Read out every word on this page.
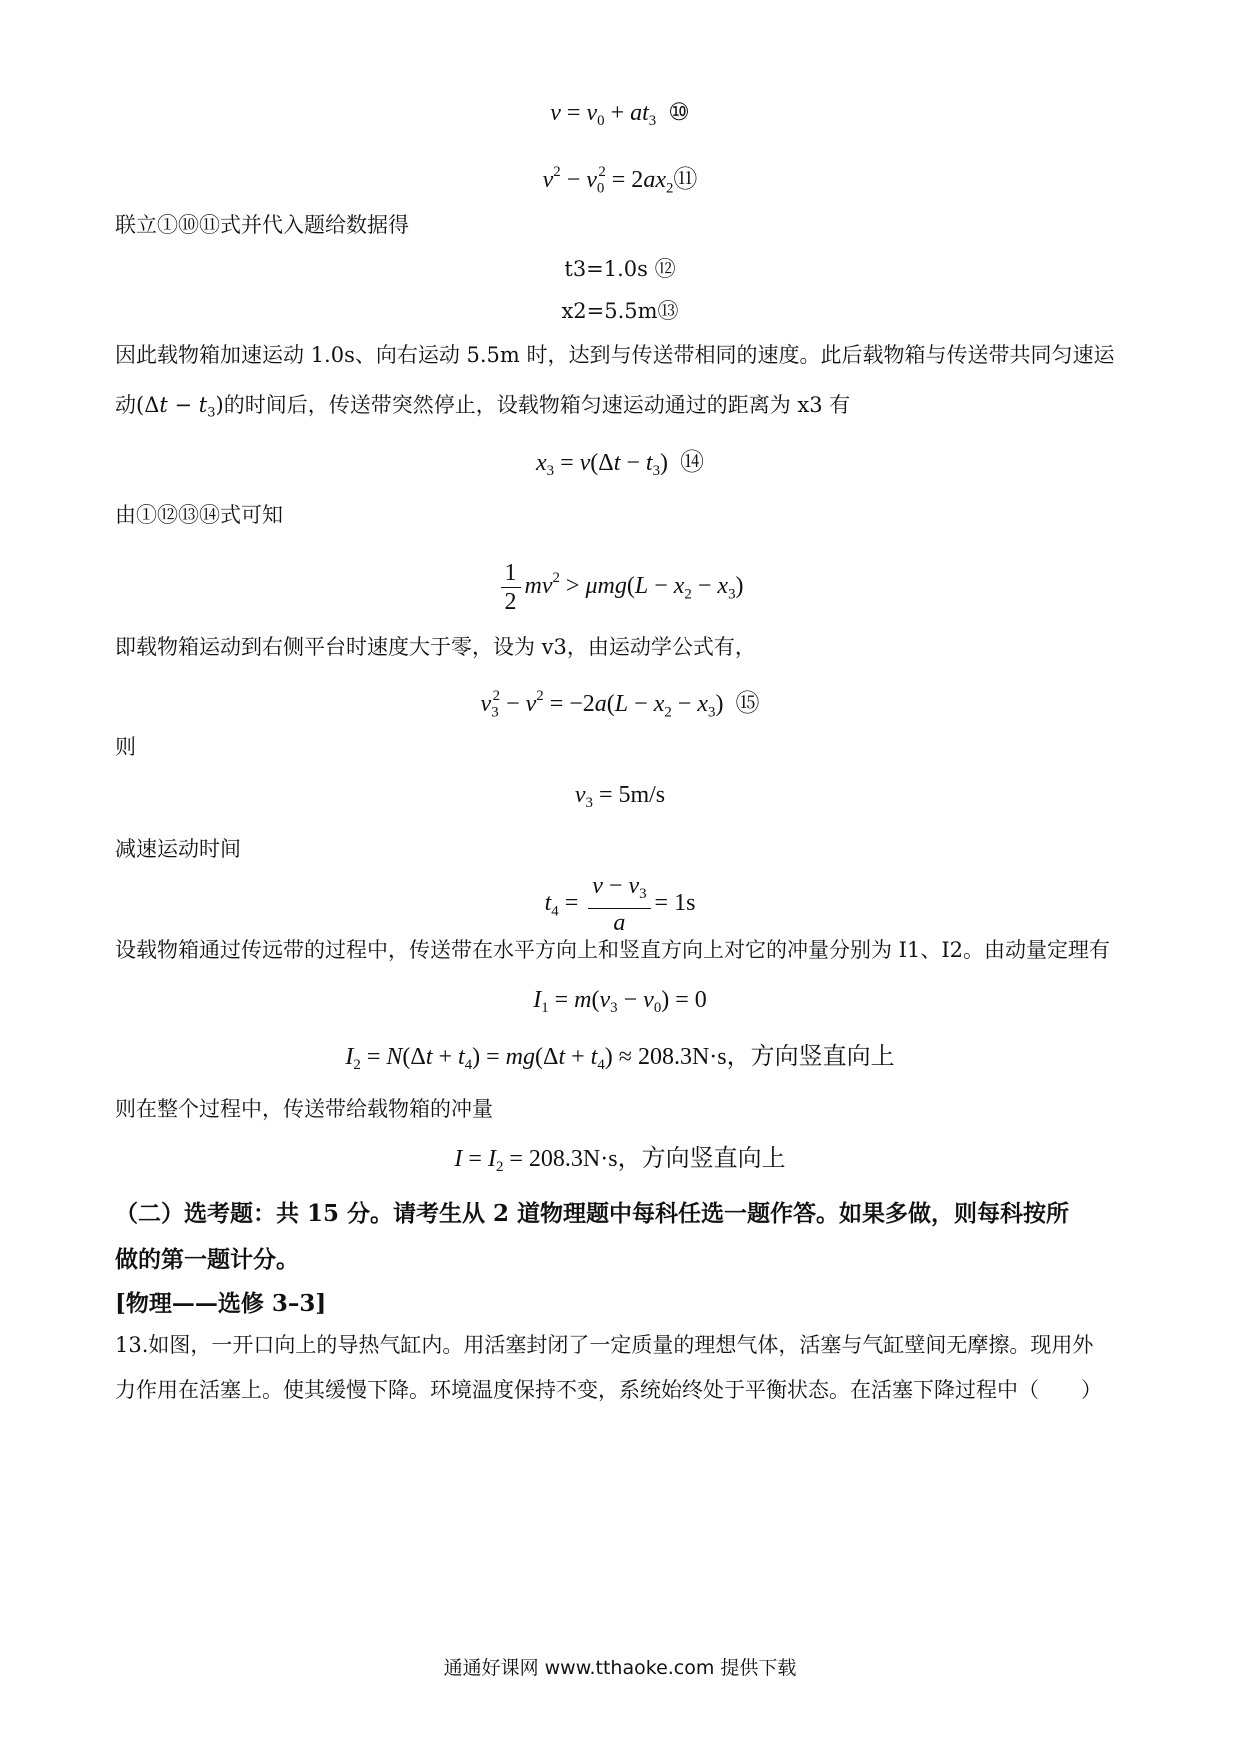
$v = v_0 + at_3$ ⑩
$v^2 - v_0^2$ = $2ax_2⑪$
联立①⑩⑪式并代入题给数据得
t3=1.0s ⑫
x2=5.5m⑬
因此载物箱加速运动 1.0s、向右运动 5.5m 时，达到与传送带相同的速度。此后载物箱与传送带共同匀速运
动$(\Delta t - t_3)$的时间后，传送带突然停止，设载物箱匀速运动通过的距离为 x3 有
$x_3 = v(\Delta t - t_3)$  ⑭
由①⑫⑬⑭式可知
$\frac{1}{2} mv^2 > \mu mg(L - x_2 - x_3)$
即载物箱运动到右侧平台时速度大于零，设为 v3，由运动学公式有，
$v_3^2 - v^2 = -2a(L - x_2 - x_3)$  ⑮
则
$v_3 = 5m/s$
减速运动时间
$t_4 = \frac{v - v_3}{a} = 1s$
设载物箱通过传远带的过程中，传送带在水平方向上和竖直方向上对它的冲量分别为 I1、I2。由动量定理有
$I_1 = m(v_3 - v_0) = 0$
$I_2 = N(\Delta t + t_4) = mg(\Delta t + t_4) \approx 208.3N\cdot s$，方向竖直向上
则在整个过程中，传送带给载物箱的冲量
$I = I_2 = 208.3N\cdot s$，方向竖直向上
（二）选考题：共 15 分。请考生从 2 道物理题中每科任选一题作答。如果多做，则每科按所
做的第一题计分。
[物理——选修 3–3]
13.如图，一开口向上的导热气缸内。用活塞封闭了一定质量的理想气体，活塞与气缸壁间无摩擦。现用外
力作用在活塞上。使其缓慢下降。环境温度保持不变，系统始终处于平衡状态。在活塞下降过程中（　　）
通通好课网 www.tthaoke.com 提供下载
